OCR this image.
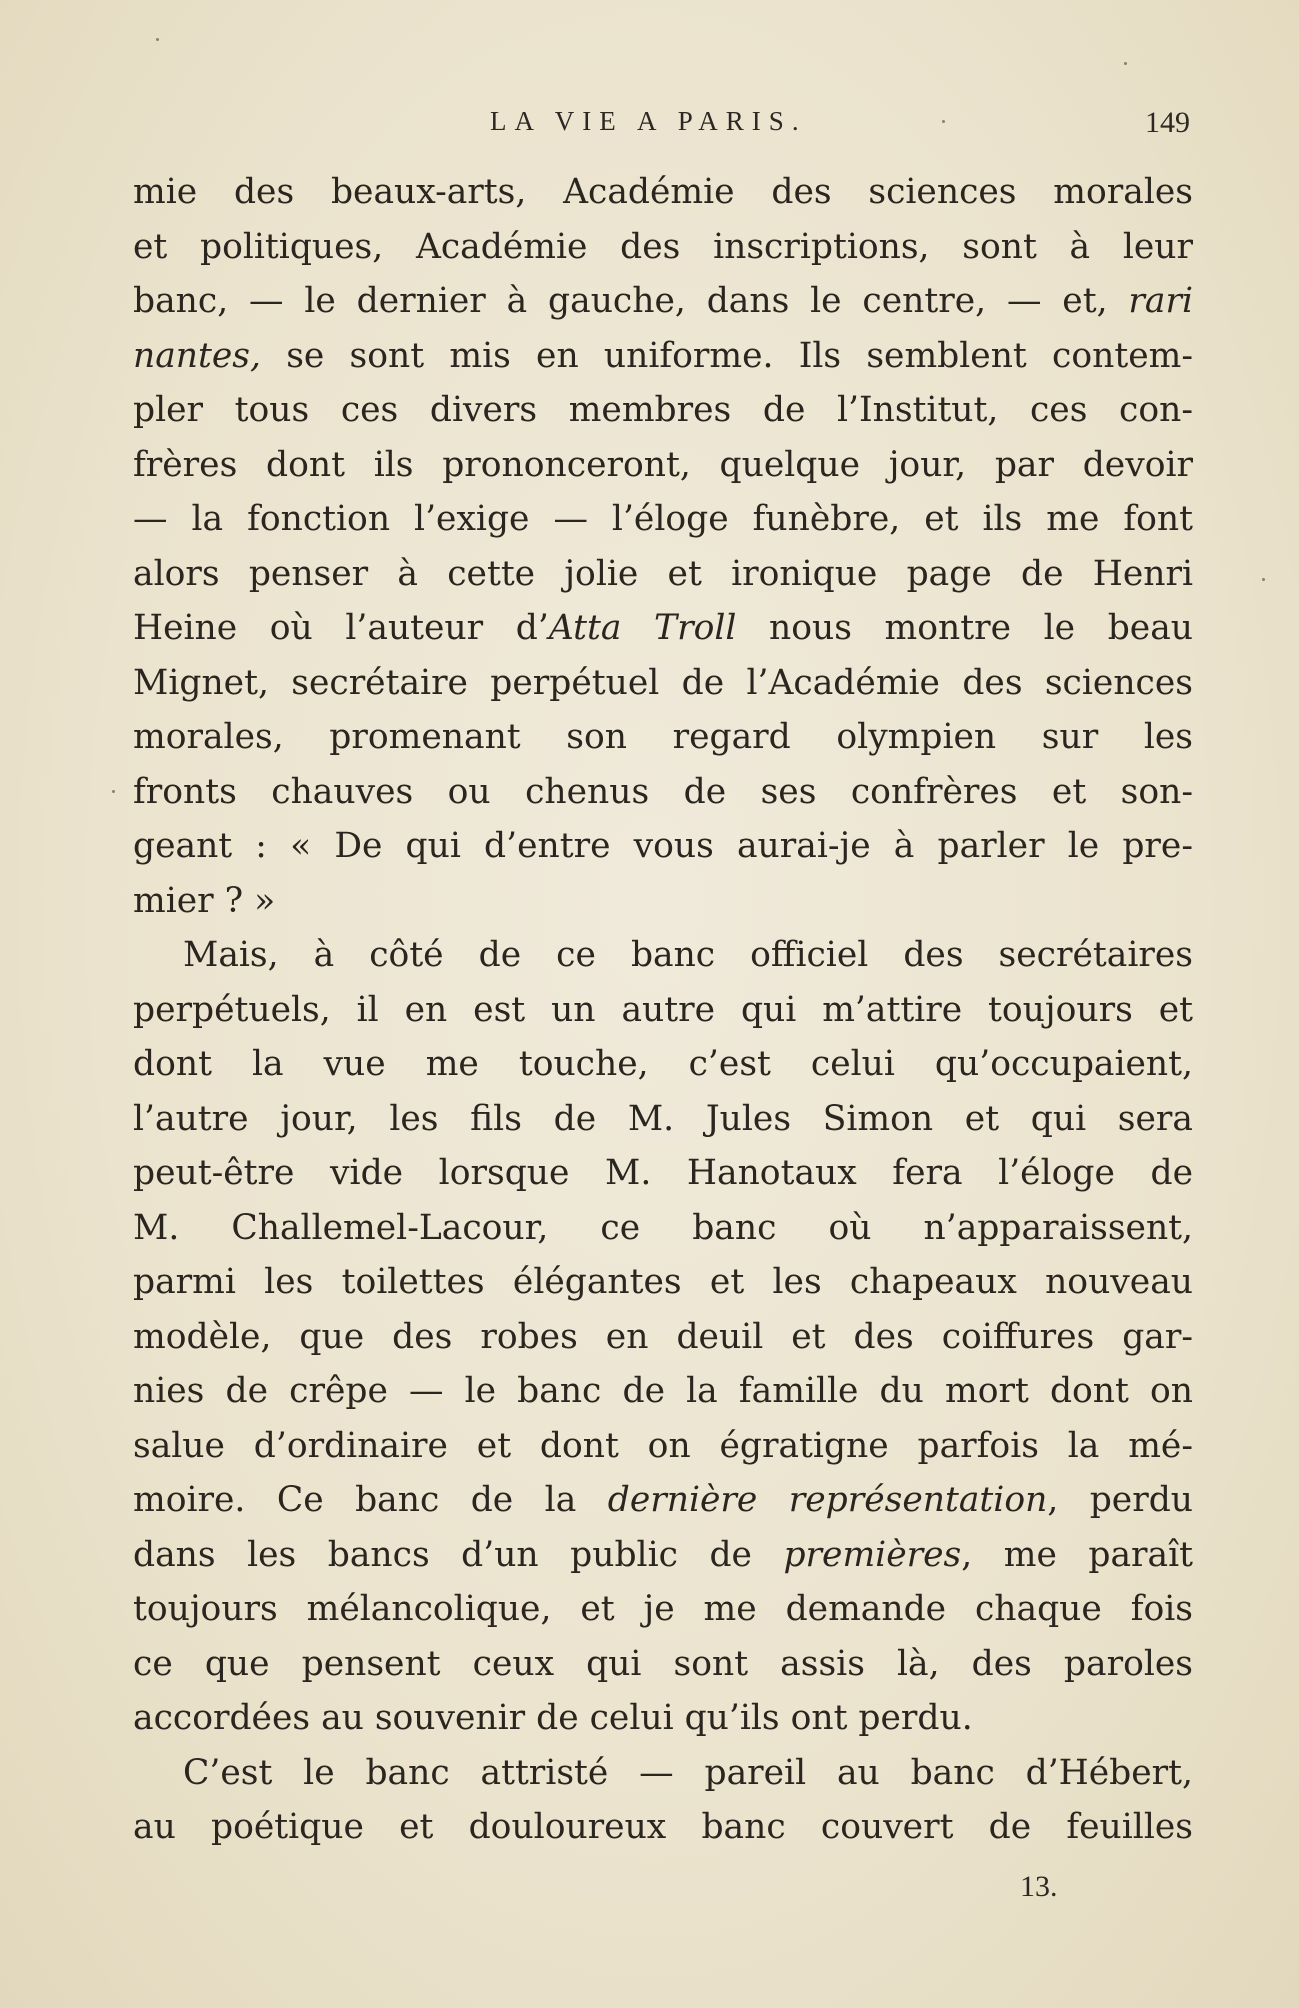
LA VIE A PARIS.	149

mie des beaux-arts, Académie des sciences morales
et politiques, Académie des inscriptions, sont à leur
banc, — le dernier à gauche, dans le centre, — et, rari
nantes, se sont mis en uniforme. Ils semblent contem-
pler tous ces divers membres de l’Institut, ces con-
frères dont ils prononceront, quelque jour, par devoir
— la fonction l’exige — l’éloge funèbre, et ils me font
alors penser à cette jolie et ironique page de Henri
Heine où l’auteur d’Atta Troll nous montre le beau
Mignet, secrétaire perpétuel de l’Académie des sciences
morales, promenant son regard olympien sur les
fronts chauves ou chenus de ses confrères et son-
geant : « De qui d’entre vous aurai-je à parler le pre-
mier ? »

Mais, à côté de ce banc officiel des secrétaires
perpétuels, il en est un autre qui m’attire toujours et
dont la vue me touche, c’est celui qu’occupaient,
l’autre jour, les fils de M. Jules Simon et qui sera
peut-être vide lorsque M. Hanotaux fera l’éloge de
M. Challemel-Lacour, ce banc où n’apparaissent,
parmi les toilettes élégantes et les chapeaux nouveau
modèle, que des robes en deuil et des coiffures gar-
nies de crêpe — le banc de la famille du mort dont on
salue d’ordinaire et dont on égratigne parfois la mé-
moire. Ce banc de la dernière représentation, perdu
dans les bancs d’un public de premières, me paraît
toujours mélancolique, et je me demande chaque fois
ce que pensent ceux qui sont assis là, des paroles
accordées au souvenir de celui qu’ils ont perdu.

C’est le banc attristé — pareil au banc d’Hébert,
au poétique et douloureux banc couvert de feuilles

13.
